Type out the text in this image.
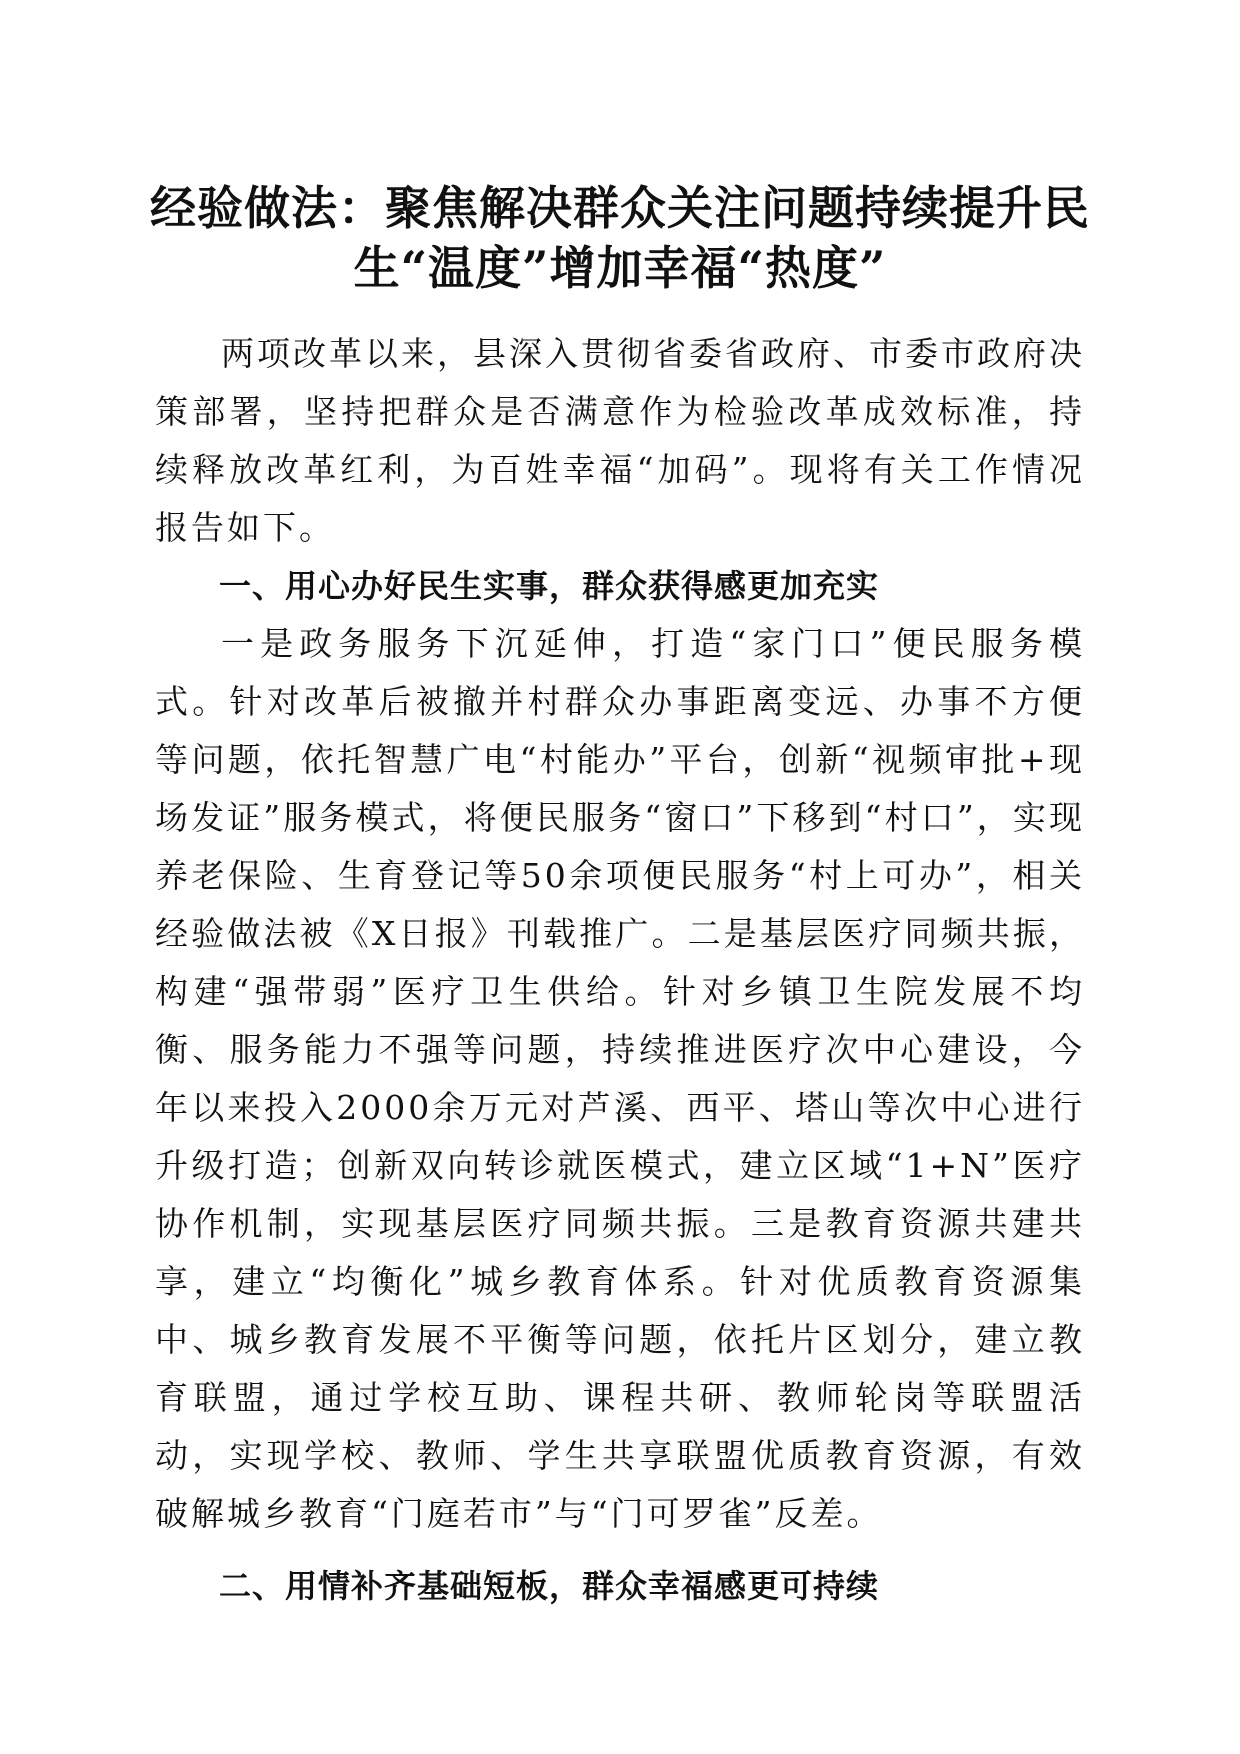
经验做法：聚焦解决群众关注问题持续提升民生“温度”增加幸福“热度”

两项改革以来，县深入贯彻省委省政府、市委市政府决策部署，坚持把群众是否满意作为检验改革成效标准，持续释放改革红利，为百姓幸福“加码”。现将有关工作情况报告如下。

一、用心办好民生实事，群众获得感更加充实

一是政务服务下沉延伸，打造“家门口”便民服务模式。针对改革后被撤并村群众办事距离变远、办事不方便等问题，依托智慧广电“村能办”平台，创新“视频审批+现场发证”服务模式，将便民服务“窗口”下移到“村口”，实现养老保险、生育登记等50余项便民服务“村上可办”，相关经验做法被《X日报》刊载推广。二是基层医疗同频共振，构建“强带弱”医疗卫生供给。针对乡镇卫生院发展不均衡、服务能力不强等问题，持续推进医疗次中心建设，今年以来投入2000余万元对芦溪、西平、塔山等次中心进行升级打造；创新双向转诊就医模式，建立区域“1+N”医疗协作机制，实现基层医疗同频共振。三是教育资源共建共享，建立“均衡化”城乡教育体系。针对优质教育资源集中、城乡教育发展不平衡等问题，依托片区划分，建立教育联盟，通过学校互助、课程共研、教师轮岗等联盟活动，实现学校、教师、学生共享联盟优质教育资源，有效破解城乡教育“门庭若市”与“门可罗雀”反差。

二、用情补齐基础短板，群众幸福感更可持续
